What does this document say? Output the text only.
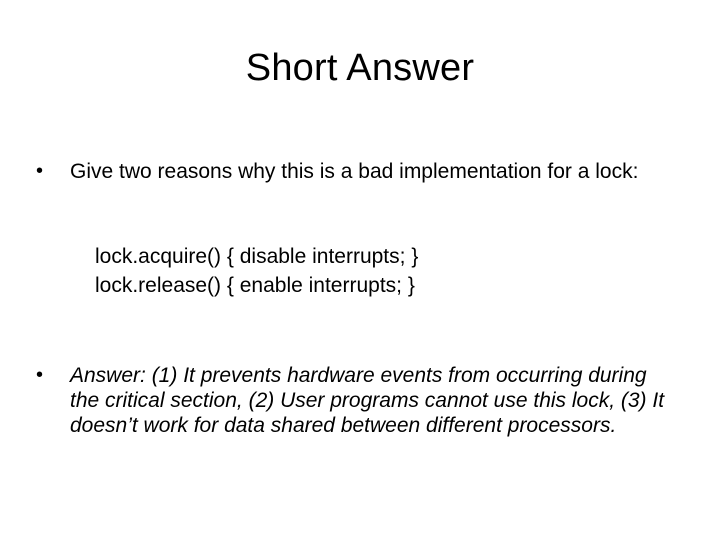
Short Answer
•	Give two reasons why this is a bad implementation for a lock:
lock.acquire() { disable interrupts; }
lock.release() { enable interrupts; }
•	Answer: (1) It prevents hardware events from occurring during the critical section, (2) User programs cannot use this lock, (3) It doesn’t work for data shared between different processors.
